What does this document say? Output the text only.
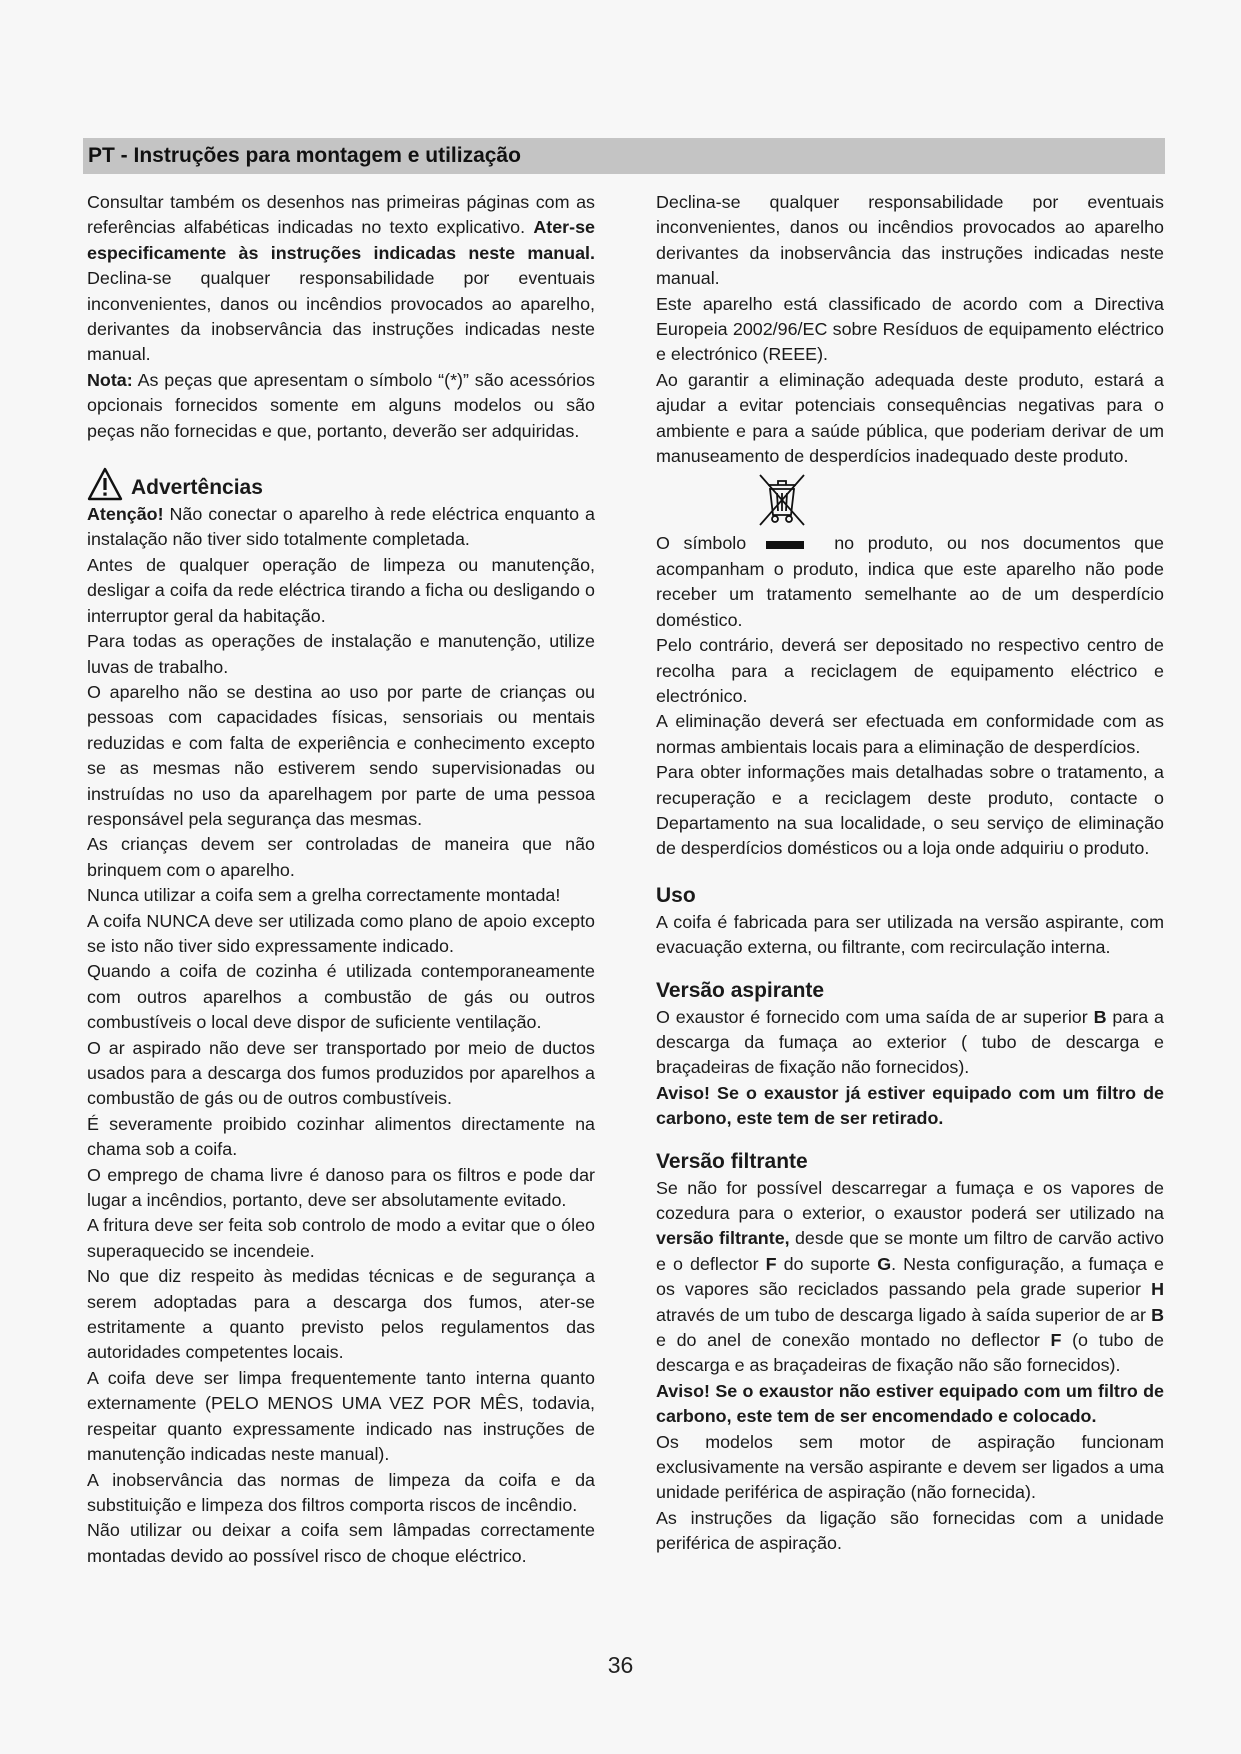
PT - Instruções para montagem e utilização

Consultar também os desenhos nas primeiras páginas com as referências alfabéticas indicadas no texto explicativo. Ater-se especificamente às instruções indicadas neste manual. Declina-se qualquer responsabilidade por eventuais inconvenientes, danos ou incêndios provocados ao aparelho, derivantes da inobservância das instruções indicadas neste manual.

Nota: As peças que apresentam o símbolo “(*)” são acessórios opcionais fornecidos somente em alguns modelos ou são peças não fornecidas e que, portanto, deverão ser adquiridas.

Advertências

Atenção! Não conectar o aparelho à rede eléctrica enquanto a instalação não tiver sido totalmente completada.

Antes de qualquer operação de limpeza ou manutenção, desligar a coifa da rede eléctrica tirando a ficha ou desligando o interruptor geral da habitação.

Para todas as operações de instalação e manutenção, utilize luvas de trabalho.

O aparelho não se destina ao uso por parte de crianças ou pessoas com capacidades físicas, sensoriais ou mentais reduzidas e com falta de experiência e conhecimento excepto se as mesmas não estiverem sendo supervisionadas ou instruídas no uso da aparelhagem por parte de uma pessoa responsável pela segurança das mesmas.

As crianças devem ser controladas de maneira que não brinquem com o aparelho.

Nunca utilizar a coifa sem a grelha correctamente montada!

A coifa NUNCA deve ser utilizada como plano de apoio excepto se isto não tiver sido expressamente indicado.

Quando a coifa de cozinha é utilizada contemporaneamente com outros aparelhos a combustão de gás ou outros combustíveis o local deve dispor de suficiente ventilação.

O ar aspirado não deve ser transportado por meio de ductos usados para a descarga dos fumos produzidos por aparelhos a combustão de gás ou de outros combustíveis.

É severamente proibido cozinhar alimentos directamente na chama sob a coifa.

O emprego de chama livre é danoso para os filtros e pode dar lugar a incêndios, portanto, deve ser absolutamente evitado.

A fritura deve ser feita sob controlo de modo a evitar que o óleo superaquecido se incendeie.

No que diz respeito às medidas técnicas e de segurança a serem adoptadas para a descarga dos fumos, ater-se estritamente a quanto previsto pelos regulamentos das autoridades competentes locais.

A coifa deve ser limpa frequentemente tanto interna quanto externamente (PELO MENOS UMA VEZ POR MÊS, todavia, respeitar quanto expressamente indicado nas instruções de manutenção indicadas neste manual).

A inobservância das normas de limpeza da coifa e da substituição e limpeza dos filtros comporta riscos de incêndio.

Não utilizar ou deixar a coifa sem lâmpadas correctamente montadas devido ao possível risco de choque eléctrico.

Declina-se qualquer responsabilidade por eventuais inconvenientes, danos ou incêndios provocados ao aparelho derivantes da inobservância das instruções indicadas neste manual.

Este aparelho está classificado de acordo com a Directiva Europeia 2002/96/EC sobre Resíduos de equipamento eléctrico e electrónico (REEE).

Ao garantir a eliminação adequada deste produto, estará a ajudar a evitar potenciais consequências negativas para o ambiente e para a saúde pública, que poderiam derivar de um manuseamento de desperdícios inadequado deste produto.

O símbolo	no produto, ou nos documentos que acompanham o produto, indica que este aparelho não pode receber um tratamento semelhante ao de um desperdício doméstico.

Pelo contrário, deverá ser depositado no respectivo centro de recolha para a reciclagem de equipamento eléctrico e electrónico.

A eliminação deverá ser efectuada em conformidade com as normas ambientais locais para a eliminação de desperdícios.

Para obter informações mais detalhadas sobre o tratamento, a recuperação e a reciclagem deste produto, contacte o Departamento na sua localidade, o seu serviço de eliminação de desperdícios domésticos ou a loja onde adquiriu o produto.

Uso

A coifa é fabricada para ser utilizada na versão aspirante, com evacuação externa, ou filtrante, com recirculação interna.

Versão aspirante

O exaustor é fornecido com uma saída de ar superior B para a descarga da fumaça ao exterior ( tubo de descarga e braçadeiras de fixação não fornecidos).

Aviso! Se o exaustor já estiver equipado com um filtro de carbono, este tem de ser retirado.

Versão filtrante

Se não for possível descarregar a fumaça e os vapores de cozedura para o exterior, o exaustor poderá ser utilizado na versão filtrante, desde que se monte um filtro de carvão activo e o deflector F do suporte G. Nesta configuração, a fumaça e os vapores são reciclados passando pela grade superior H através de um tubo de descarga ligado à saída superior de ar B e do anel de conexão montado no deflector F (o tubo de descarga e as braçadeiras de fixação não são fornecidos).

Aviso! Se o exaustor não estiver equipado com um filtro de carbono, este tem de ser encomendado e colocado.

Os modelos sem motor de aspiração funcionam exclusivamente na versão aspirante e devem ser ligados a uma unidade periférica de aspiração (não fornecida).

As instruções da ligação são fornecidas com a unidade periférica de aspiração.

36
